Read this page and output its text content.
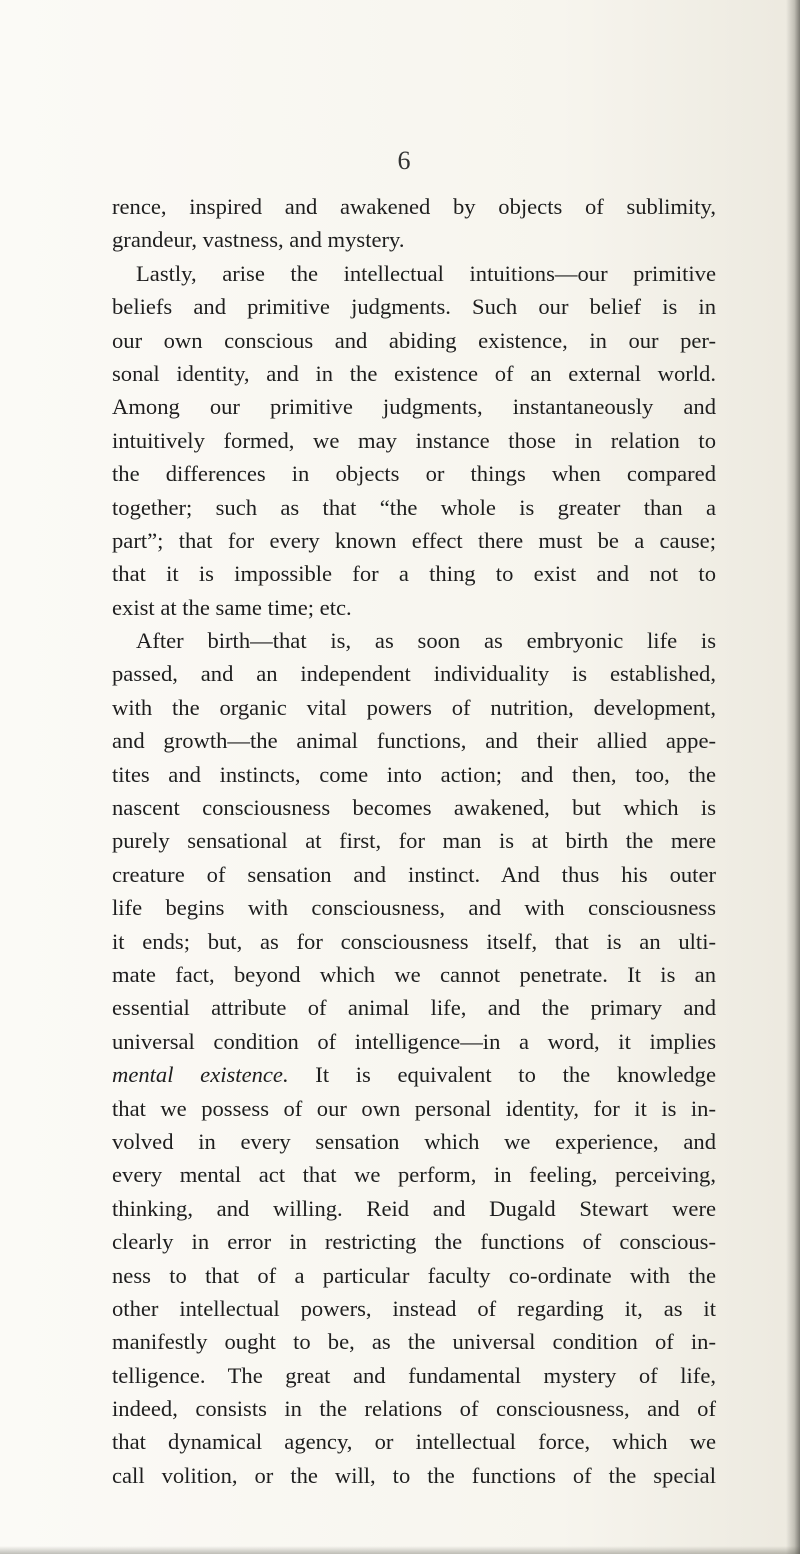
6
rence, inspired and awakened by objects of sublimity,
grandeur, vastness, and mystery.
Lastly, arise the intellectual intuitions—our primitive
beliefs and primitive judgments. Such our belief is in
our own conscious and abiding existence, in our per-
sonal identity, and in the existence of an external world.
Among our primitive judgments, instantaneously and
intuitively formed, we may instance those in relation to
the differences in objects or things when compared
together; such as that “the whole is greater than a
part”; that for every known effect there must be a cause;
that it is impossible for a thing to exist and not to
exist at the same time; etc.
After birth—that is, as soon as embryonic life is
passed, and an independent individuality is established,
with the organic vital powers of nutrition, development,
and growth—the animal functions, and their allied appe-
tites and instincts, come into action; and then, too, the
nascent consciousness becomes awakened, but which is
purely sensational at first, for man is at birth the mere
creature of sensation and instinct. And thus his outer
life begins with consciousness, and with consciousness
it ends; but, as for consciousness itself, that is an ulti-
mate fact, beyond which we cannot penetrate. It is an
essential attribute of animal life, and the primary and
universal condition of intelligence—in a word, it implies
mental existence. It is equivalent to the knowledge
that we possess of our own personal identity, for it is in-
volved in every sensation which we experience, and
every mental act that we perform, in feeling, perceiving,
thinking, and willing. Reid and Dugald Stewart were
clearly in error in restricting the functions of conscious-
ness to that of a particular faculty co-ordinate with the
other intellectual powers, instead of regarding it, as it
manifestly ought to be, as the universal condition of in-
telligence. The great and fundamental mystery of life,
indeed, consists in the relations of consciousness, and of
that dynamical agency, or intellectual force, which we
call volition, or the will, to the functions of the special
